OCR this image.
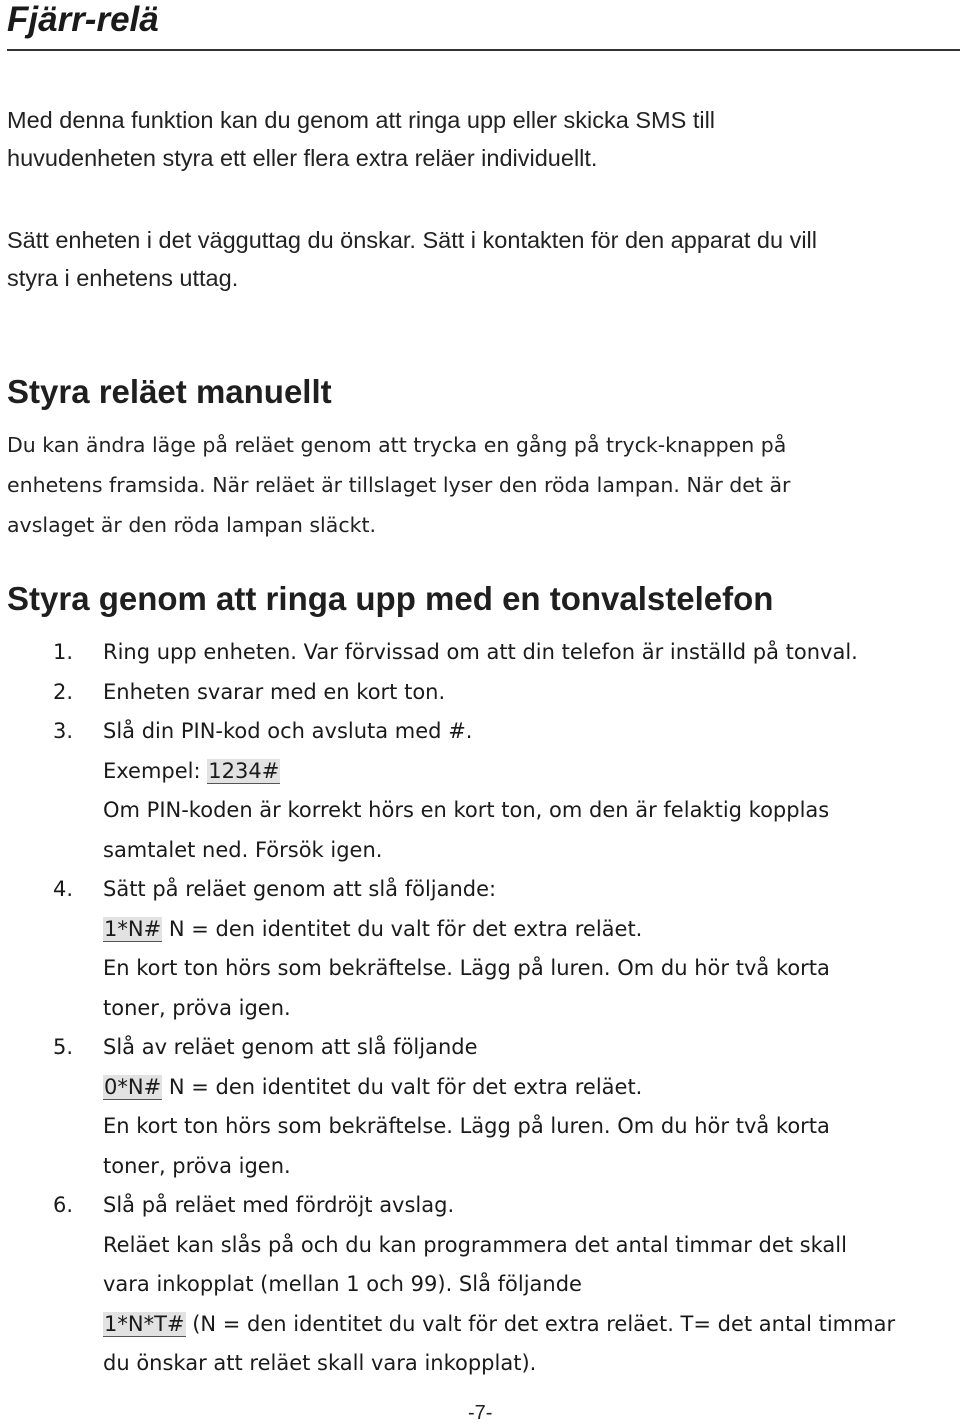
Fjärr-relä

Med denna funktion kan du genom att ringa upp eller skicka SMS till
huvudenheten styra ett eller flera extra reläer individuellt.

Sätt enheten i det vägguttag du önskar. Sätt i kontakten för den apparat du vill
styra i enhetens uttag.

Styra reläet manuellt

Du kan ändra läge på reläet genom att trycka en gång på tryck-knappen på
enhetens framsida. När reläet är tillslaget lyser den röda lampan. När det är
avslaget är den röda lampan släckt.

Styra genom att ringa upp med en tonvalstelefon
1. Ring upp enheten. Var förvissad om att din telefon är inställd på tonval.
2. Enheten svarar med en kort ton.
3. Slå din PIN-kod och avsluta med #.
Exempel: 1234#
Om PIN-koden är korrekt hörs en kort ton, om den är felaktig kopplas
samtalet ned. Försök igen.
4. Sätt på reläet genom att slå följande:
1*N# N = den identitet du valt för det extra reläet.
En kort ton hörs som bekräftelse. Lägg på luren. Om du hör två korta
toner, pröva igen.
5. Slå av reläet genom att slå följande
0*N# N = den identitet du valt för det extra reläet.
En kort ton hörs som bekräftelse. Lägg på luren. Om du hör två korta
toner, pröva igen.
6. Slå på reläet med fördröjt avslag.
Reläet kan slås på och du kan programmera det antal timmar det skall
vara inkopplat (mellan 1 och 99). Slå följande
1*N*T# (N = den identitet du valt för det extra reläet. T= det antal timmar
du önskar att reläet skall vara inkopplat).
-7-
